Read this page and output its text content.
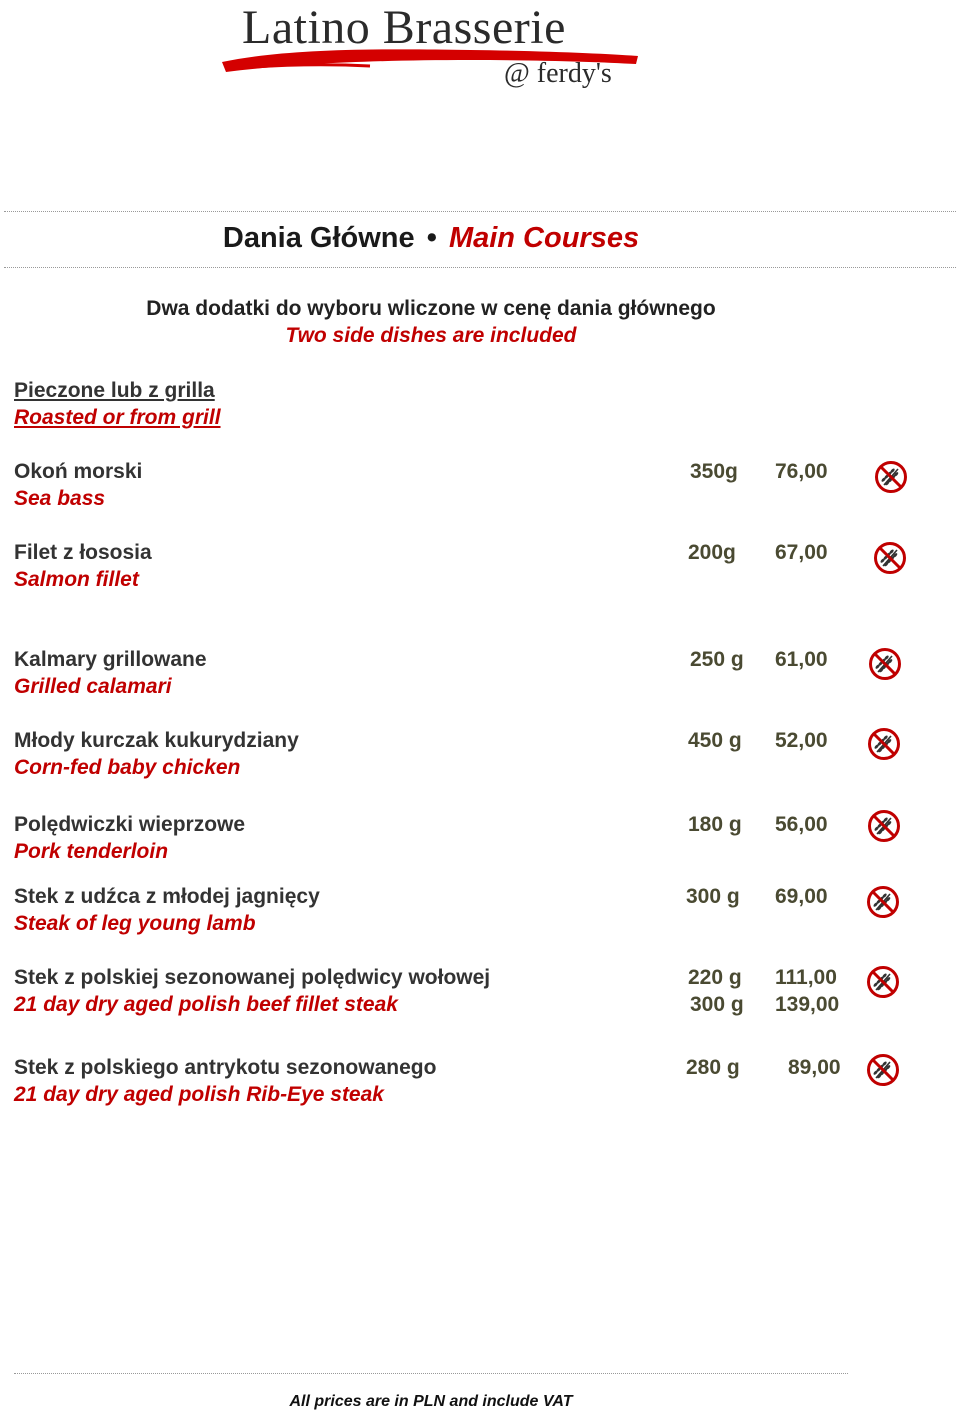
Latino Brasserie
@ ferdy's
Dania Główne • Main Courses
Dwa dodatki do wyboru wliczone w cenę dania głównego
Two side dishes are included
Pieczone lub z grilla
Roasted or from grill
Okoń morski
Sea bass
350g 76,00
Filet z łososia
Salmon fillet
200g 67,00
Kalmary grillowane
Grilled calamari
250 g 61,00
Młody kurczak kukurydziany
Corn-fed baby chicken
450 g 52,00
Polędwiczki wieprzowe
Pork tenderloin
180 g 56,00
Stek z udźca z młodej jagnięcy
Steak of leg young lamb
300 g 69,00
Stek z polskiej sezonowanej polędwicy wołowej
21 day dry aged polish beef fillet steak
220 g 111,00
300 g 139,00
Stek z polskiego antrykotu sezonowanego
21 day dry aged polish Rib-Eye steak
280 g 89,00
All prices are in PLN and include VAT
